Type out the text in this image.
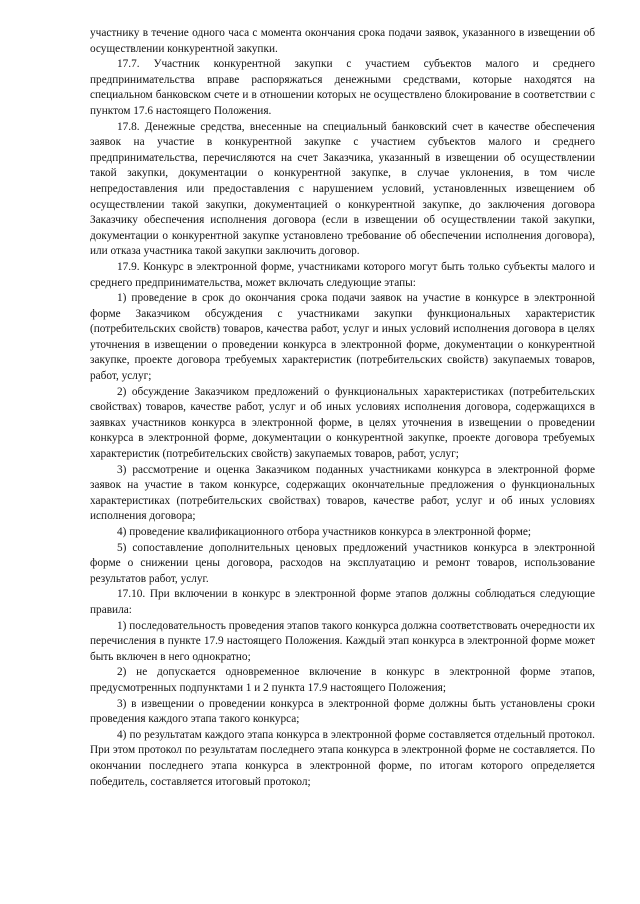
участнику в течение одного часа с момента окончания срока подачи заявок, указанного в извещении об осуществлении конкурентной закупки.

17.7. Участник конкурентной закупки с участием субъектов малого и среднего предпринимательства вправе распоряжаться денежными средствами, которые находятся на специальном банковском счете и в отношении которых не осуществлено блокирование в соответствии с пунктом 17.6 настоящего Положения.

17.8. Денежные средства, внесенные на специальный банковский счет в качестве обеспечения заявок на участие в конкурентной закупке с участием субъектов малого и среднего предпринимательства, перечисляются на счет Заказчика, указанный в извещении об осуществлении такой закупки, документации о конкурентной закупке, в случае уклонения, в том числе непредоставления или предоставления с нарушением условий, установленных извещением об осуществлении такой закупки, документацией о конкурентной закупке, до заключения договора Заказчику обеспечения исполнения договора (если в извещении об осуществлении такой закупки, документации о конкурентной закупке установлено требование об обеспечении исполнения договора), или отказа участника такой закупки заключить договор.

17.9. Конкурс в электронной форме, участниками которого могут быть только субъекты малого и среднего предпринимательства, может включать следующие этапы:

1) проведение в срок до окончания срока подачи заявок на участие в конкурсе в электронной форме Заказчиком обсуждения с участниками закупки функциональных характеристик (потребительских свойств) товаров, качества работ, услуг и иных условий исполнения договора в целях уточнения в извещении о проведении конкурса в электронной форме, документации о конкурентной закупке, проекте договора требуемых характеристик (потребительских свойств) закупаемых товаров, работ, услуг;

2) обсуждение Заказчиком предложений о функциональных характеристиках (потребительских свойствах) товаров, качестве работ, услуг и об иных условиях исполнения договора, содержащихся в заявках участников конкурса в электронной форме, в целях уточнения в извещении о проведении конкурса в электронной форме, документации о конкурентной закупке, проекте договора требуемых характеристик (потребительских свойств) закупаемых товаров, работ, услуг;

3) рассмотрение и оценка Заказчиком поданных участниками конкурса в электронной форме заявок на участие в таком конкурсе, содержащих окончательные предложения о функциональных характеристиках (потребительских свойствах) товаров, качестве работ, услуг и об иных условиях исполнения договора;

4) проведение квалификационного отбора участников конкурса в электронной форме;

5) сопоставление дополнительных ценовых предложений участников конкурса в электронной форме о снижении цены договора, расходов на эксплуатацию и ремонт товаров, использование результатов работ, услуг.

17.10. При включении в конкурс в электронной форме этапов должны соблюдаться следующие правила:

1) последовательность проведения этапов такого конкурса должна соответствовать очередности их перечисления в пункте 17.9 настоящего Положения. Каждый этап конкурса в электронной форме может быть включен в него однократно;

2) не допускается одновременное включение в конкурс в электронной форме этапов, предусмотренных подпунктами 1 и 2 пункта 17.9 настоящего Положения;

3) в извещении о проведении конкурса в электронной форме должны быть установлены сроки проведения каждого этапа такого конкурса;

4) по результатам каждого этапа конкурса в электронной форме составляется отдельный протокол. При этом протокол по результатам последнего этапа конкурса в электронной форме не составляется. По окончании последнего этапа конкурса в электронной форме, по итогам которого определяется победитель, составляется итоговый протокол;
